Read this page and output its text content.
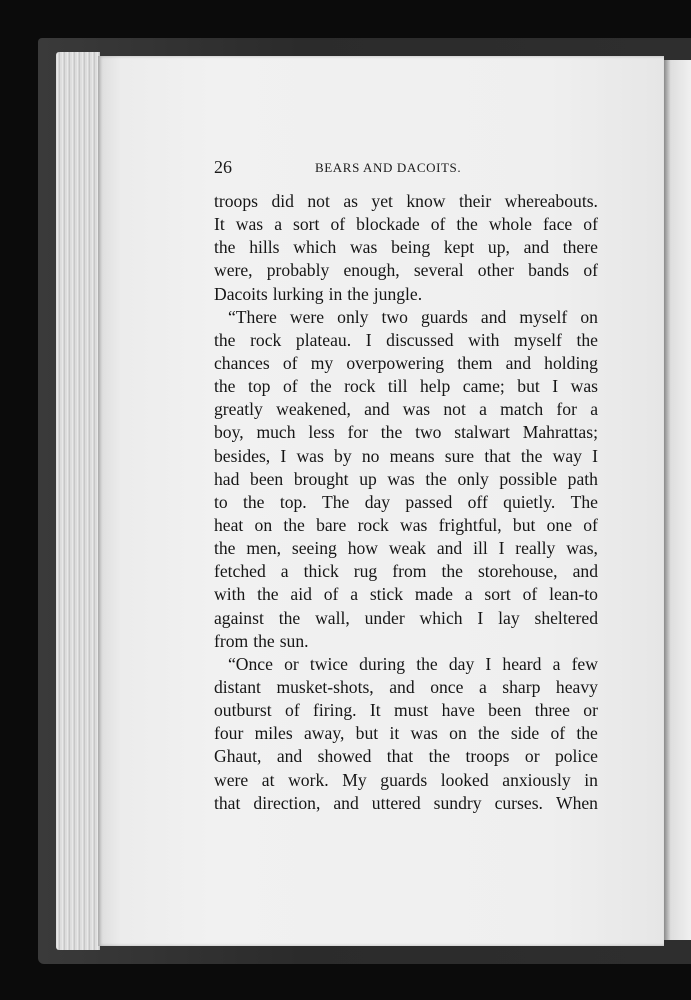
26	BEARS AND DACOITS.
troops did not as yet know their whereabouts.
It was a sort of blockade of the whole face of
the hills which was being kept up, and there
were, probably enough, several other bands of
Dacoits lurking in the jungle.
“There were only two guards and myself on
the rock plateau. I discussed with myself the
chances of my overpowering them and holding
the top of the rock till help came; but I was
greatly weakened, and was not a match for a
boy, much less for the two stalwart Mahrattas;
besides, I was by no means sure that the way I
had been brought up was the only possible path
to the top. The day passed off quietly. The
heat on the bare rock was frightful, but one of
the men, seeing how weak and ill I really was,
fetched a thick rug from the storehouse, and
with the aid of a stick made a sort of lean-to
against the wall, under which I lay sheltered
from the sun.
“Once or twice during the day I heard a few
distant musket-shots, and once a sharp heavy
outburst of firing. It must have been three or
four miles away, but it was on the side of the
Ghaut, and showed that the troops or police
were at work. My guards looked anxiously in
that direction, and uttered sundry curses. When
